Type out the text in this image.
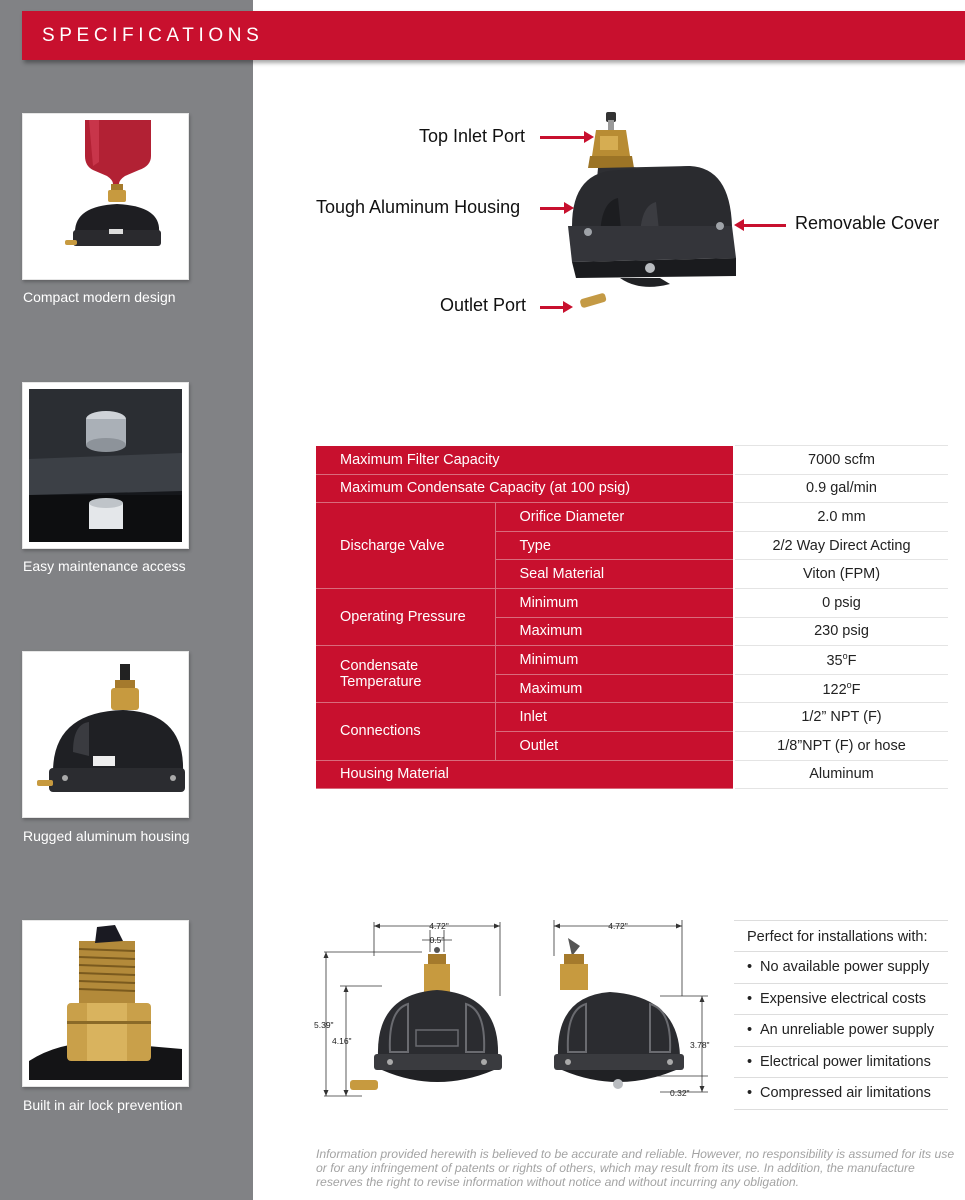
SPECIFICATIONS
Compact modern design
Easy maintenance access
Rugged aluminum housing
Built in air lock prevention
Top Inlet Port
Tough Aluminum Housing
Removable Cover
Outlet Port
Maximum Filter Capacity		7000 scfm
Maximum Condensate Capacity (at 100 psig)		0.9 gal/min
Discharge Valve	Orifice Diameter	2.0 mm
	Type	2/2 Way Direct Acting
	Seal Material	Viton (FPM)
Operating Pressure	Minimum	0 psig
	Maximum	230 psig
Condensate
Temperature	Minimum	35$^o$F
	Maximum	122$^o$F
Connections	Inlet	1/2” NPT (F)
	Outlet	1/8”NPT (F) or hose
Housing Material		Aluminum
4.72"
0.5"
5.39"
4.16"
4.72"
3.78"
0.32"
Perfect for installations with:
• No available power supply
• Expensive electrical costs
• An unreliable power supply
• Electrical power limitations
• Compressed air limitations
Information provided herewith is believed to be accurate and reliable. However, no responsibility is assumed for its use or for any infringement of patents or rights of others, which may result from its use. In addition, the manufacture reserves the right to revise information without notice and without incurring any obligation.
